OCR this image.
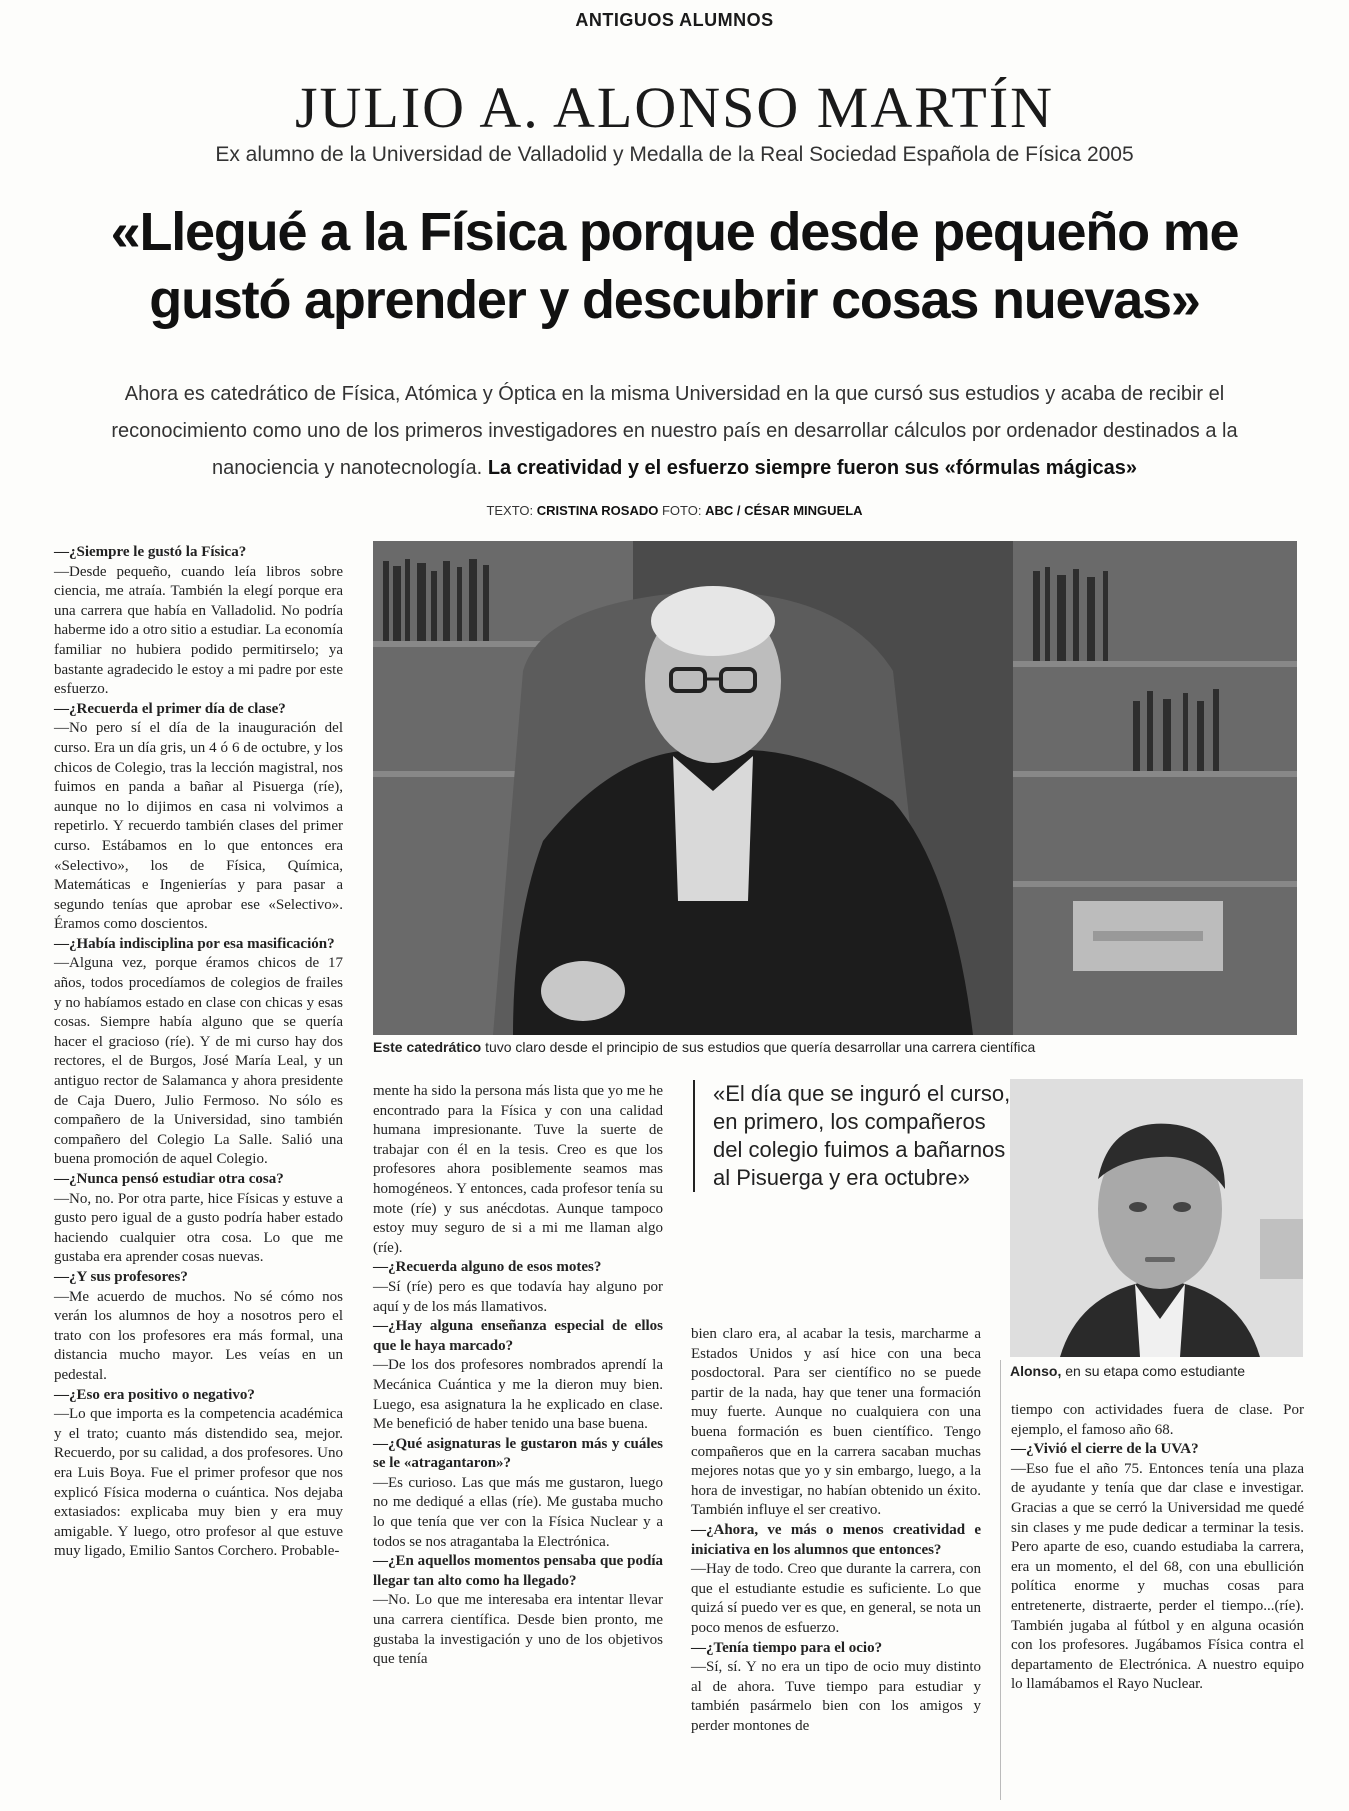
ANTIGUOS ALUMNOS
JULIO A. ALONSO MARTÍN
Ex alumno de la Universidad de Valladolid y Medalla de la Real Sociedad Española de Física 2005
«Llegué a la Física porque desde pequeño me gustó aprender y descubrir cosas nuevas»
Ahora es catedrático de Física, Atómica y Óptica en la misma Universidad en la que cursó sus estudios y acaba de recibir el reconocimiento como uno de los primeros investigadores en nuestro país en desarrollar cálculos por ordenador destinados a la nanociencia y nanotecnología. La creatividad y el esfuerzo siempre fueron sus «fórmulas mágicas»
TEXTO: CRISTINA ROSADO FOTO: ABC / CÉSAR MINGUELA

—¿Siempre le gustó la Física?

—Desde pequeño, cuando leía libros sobre ciencia, me atraía. También la elegí porque era una carrera que había en Valladolid. No podría haberme ido a otro sitio a estudiar. La economía familiar no hubiera podido permitirselo; ya bastante agradecido le estoy a mi padre por este esfuerzo.

—¿Recuerda el primer día de clase?

—No pero sí el día de la inauguración del curso. Era un día gris, un 4 ó 6 de octubre, y los chicos de Colegio, tras la lección magistral, nos fuimos en panda a bañar al Pisuerga (ríe), aunque no lo dijimos en casa ni volvimos a repetirlo. Y recuerdo también clases del primer curso. Estábamos en lo que entonces era «Selectivo», los de Física, Química, Matemáticas e Ingenierías y para pasar a segundo tenías que aprobar ese «Selectivo». Éramos como doscientos.

—¿Había indisciplina por esa masificación?

—Alguna vez, porque éramos chicos de 17 años, todos procedíamos de colegios de frailes y no habíamos estado en clase con chicas y esas cosas. Siempre había alguno que se quería hacer el gracioso (ríe). Y de mi curso hay dos rectores, el de Burgos, José María Leal, y un antiguo rector de Salamanca y ahora presidente de Caja Duero, Julio Fermoso. No sólo es compañero de la Universidad, sino también compañero del Colegio La Salle. Salió una buena promoción de aquel Colegio.

—¿Nunca pensó estudiar otra cosa?

—No, no. Por otra parte, hice Físicas y estuve a gusto pero igual de a gusto podría haber estado haciendo cualquier otra cosa. Lo que me gustaba era aprender cosas nuevas.

—¿Y sus profesores?

—Me acuerdo de muchos. No sé cómo nos verán los alumnos de hoy a nosotros pero el trato con los profesores era más formal, una distancia mucho mayor. Les veías en un pedestal.

—¿Eso era positivo o negativo?

—Lo que importa es la competencia académica y el trato; cuanto más distendido sea, mejor. Recuerdo, por su calidad, a dos profesores. Uno era Luis Boya. Fue el primer profesor que nos explicó Física moderna o cuántica. Nos dejaba extasiados: explicaba muy bien y era muy amigable. Y luego, otro profesor al que estuve muy ligado, Emilio Santos Corchero. Probable-

Este catedrático tuvo claro desde el principio de sus estudios que quería desarrollar una carrera científica

mente ha sido la persona más lista que yo me he encontrado para la Física y con una calidad humana impresionante. Tuve la suerte de trabajar con él en la tesis. Creo es que los profesores ahora posiblemente seamos mas homogéneos. Y entonces, cada profesor tenía su mote (ríe) y sus anécdotas. Aunque tampoco estoy muy seguro de si a mi me llaman algo (ríe).

—¿Recuerda alguno de esos motes?

—Sí (ríe) pero es que todavía hay alguno por aquí y de los más llamativos.

—¿Hay alguna enseñanza especial de ellos que le haya marcado?

—De los dos profesores nombrados aprendí la Mecánica Cuántica y me la dieron muy bien. Luego, esa asignatura la he explicado en clase. Me benefició de haber tenido una base buena.

—¿Qué asignaturas le gustaron más y cuáles se le «atragantaron»?

—Es curioso. Las que más me gustaron, luego no me dediqué a ellas (ríe). Me gustaba mucho lo que tenía que ver con la Física Nuclear y a todos se nos atragantaba la Electrónica.

—¿En aquellos momentos pensaba que podía llegar tan alto como ha llegado?

—No. Lo que me interesaba era intentar llevar una carrera científica. Desde bien pronto, me gustaba la investigación y uno de los objetivos que tenía

«El día que se inguró el curso, en primero, los compañeros del colegio fuimos a bañarnos al Pisuerga y era octubre»

bien claro era, al acabar la tesis, marcharme a Estados Unidos y así hice con una beca posdoctoral. Para ser científico no se puede partir de la nada, hay que tener una formación muy fuerte. Aunque no cualquiera con una buena formación es buen científico. Tengo compañeros que en la carrera sacaban muchas mejores notas que yo y sin embargo, luego, a la hora de investigar, no habían obtenido un éxito. También influye el ser creativo.

—¿Ahora, ve más o menos creatividad e iniciativa en los alumnos que entonces?

—Hay de todo. Creo que durante la carrera, con que el estudiante estudie es suficiente. Lo que quizá sí puedo ver es que, en general, se nota un poco menos de esfuerzo.

—¿Tenía tiempo para el ocio?

—Sí, sí. Y no era un tipo de ocio muy distinto al de ahora. Tuve tiempo para estudiar y también pasármelo bien con los amigos y perder montones de

Alonso, en su etapa como estudiante

tiempo con actividades fuera de clase. Por ejemplo, el famoso año 68.

—¿Vivió el cierre de la UVA?

—Eso fue el año 75. Entonces tenía una plaza de ayudante y tenía que dar clase e investigar. Gracias a que se cerró la Universidad me quedé sin clases y me pude dedicar a terminar la tesis. Pero aparte de eso, cuando estudiaba la carrera, era un momento, el del 68, con una ebullición política enorme y muchas cosas para entretenerte, distraerte, perder el tiempo...(ríe). También jugaba al fútbol y en alguna ocasión con los profesores. Jugábamos Física contra el departamento de Electrónica. A nuestro equipo lo llamábamos el Rayo Nuclear.
